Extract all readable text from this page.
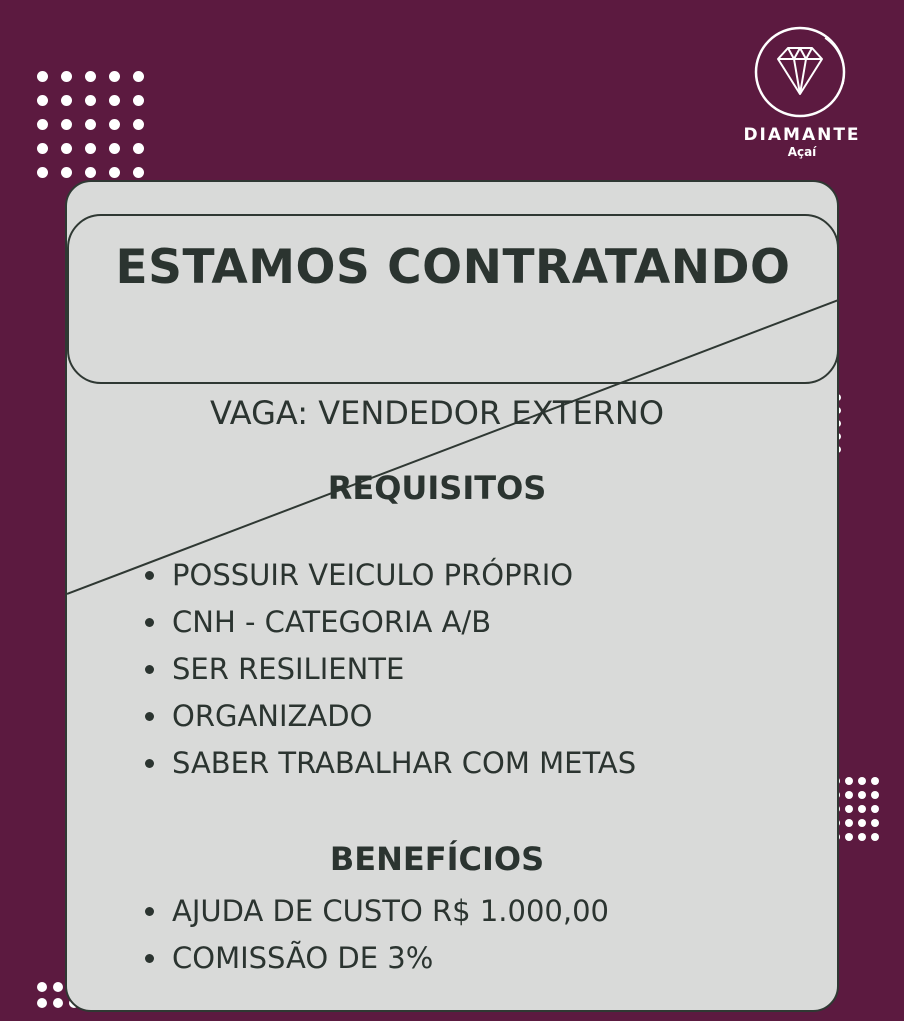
DIAMANTE
Açaí
ESTAMOS CONTRATANDO
VAGA: VENDEDOR EXTERNO
REQUISITOS
POSSUIR VEICULO PRÓPRIO
CNH - CATEGORIA A/B
SER RESILIENTE
ORGANIZADO
SABER TRABALHAR COM METAS
BENEFÍCIOS
AJUDA DE CUSTO R$ 1.000,00
COMISSÃO DE 3%
